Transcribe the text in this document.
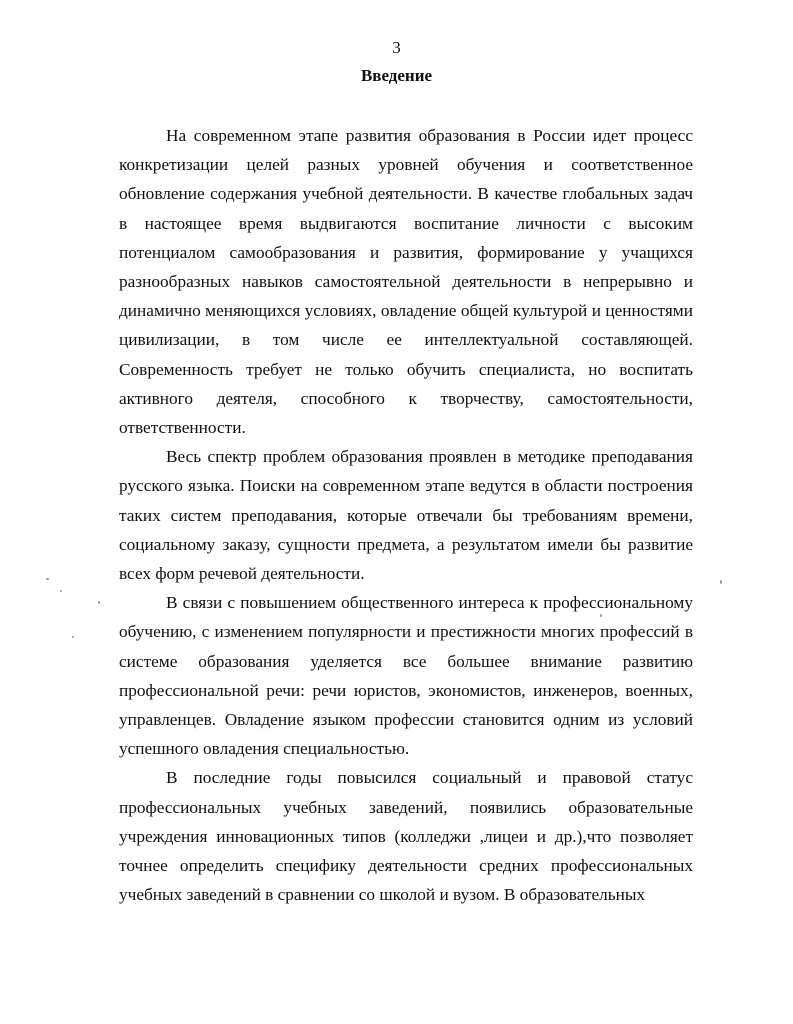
3
Введение

На современном этапе развития образования в России идет процесс конкретизации целей разных уровней обучения и соответственное обновление содержания учебной деятельности. В качестве глобальных задач в настоящее время выдвигаются воспитание личности с высоким потенциалом самообразования и развития, формирование у учащихся разнообразных навыков самостоятельной деятельности в непрерывно и динамично меняющихся условиях, овладение общей культурой и ценностями цивилизации, в том числе ее интеллектуальной составляющей. Современность требует не только обучить специалиста, но воспитать активного деятеля, способного к творчеству, самостоятельности, ответственности.

Весь спектр проблем образования проявлен в методике преподавания русского языка. Поиски на современном этапе ведутся в области построения таких систем преподавания, которые отвечали бы требованиям времени, социальному заказу, сущности предмета, а результатом имели бы развитие всех форм речевой деятельности.

В связи с повышением общественного интереса к профессиональному обучению, с изменением популярности и престижности многих профессий в системе образования уделяется все большее внимание развитию профессиональной речи: речи юристов, экономистов, инженеров, военных, управленцев. Овладение языком профессии становится одним из условий успешного овладения специальностью.

В последние годы повысился социальный и правовой статус профессиональных учебных заведений, появились образовательные учреждения инновационных типов (колледжи ,лицеи и др.),что позволяет точнее определить специфику деятельности средних профессиональных учебных заведений в сравнении со школой и вузом. В образовательных
